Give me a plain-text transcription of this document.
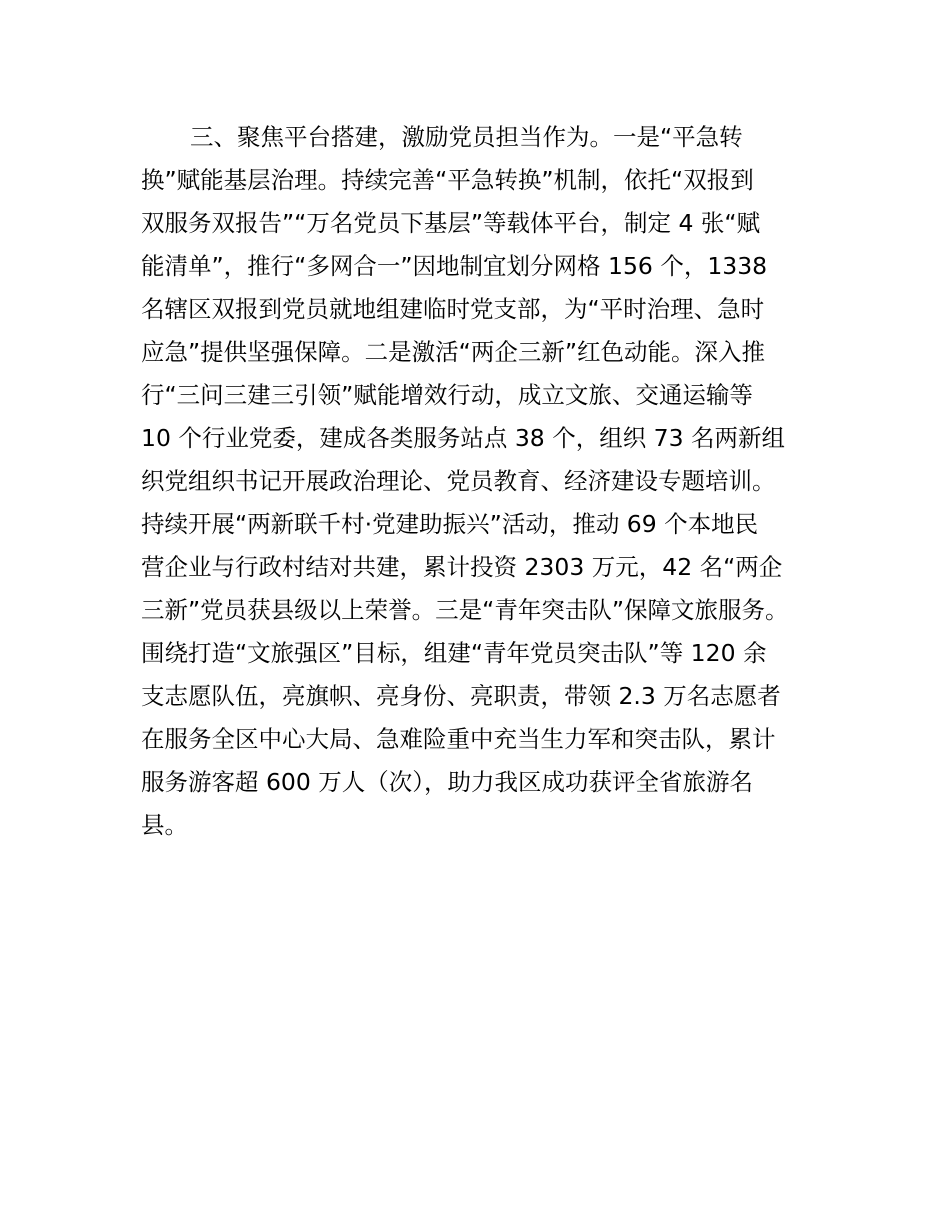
三、聚焦平台搭建，激励党员担当作为。一是“平急转
换”赋能基层治理。持续完善“平急转换”机制，依托“双报到
双服务双报告”“万名党员下基层”等载体平台，制定 4 张“赋
能清单”，推行“多网合一”因地制宜划分网格 156 个，1338
名辖区双报到党员就地组建临时党支部，为“平时治理、急时
应急”提供坚强保障。二是激活“两企三新”红色动能。深入推
行“三问三建三引领”赋能增效行动，成立文旅、交通运输等
10 个行业党委，建成各类服务站点 38 个，组织 73 名两新组
织党组织书记开展政治理论、党员教育、经济建设专题培训。
持续开展“两新联千村·党建助振兴”活动，推动 69 个本地民
营企业与行政村结对共建，累计投资 2303 万元，42 名“两企
三新”党员获县级以上荣誉。三是“青年突击队”保障文旅服务。
围绕打造“文旅强区”目标，组建“青年党员突击队”等 120 余
支志愿队伍，亮旗帜、亮身份、亮职责，带领 2.3 万名志愿者
在服务全区中心大局、急难险重中充当生力军和突击队，累计
服务游客超 600 万人（次），助力我区成功获评全省旅游名
县。
